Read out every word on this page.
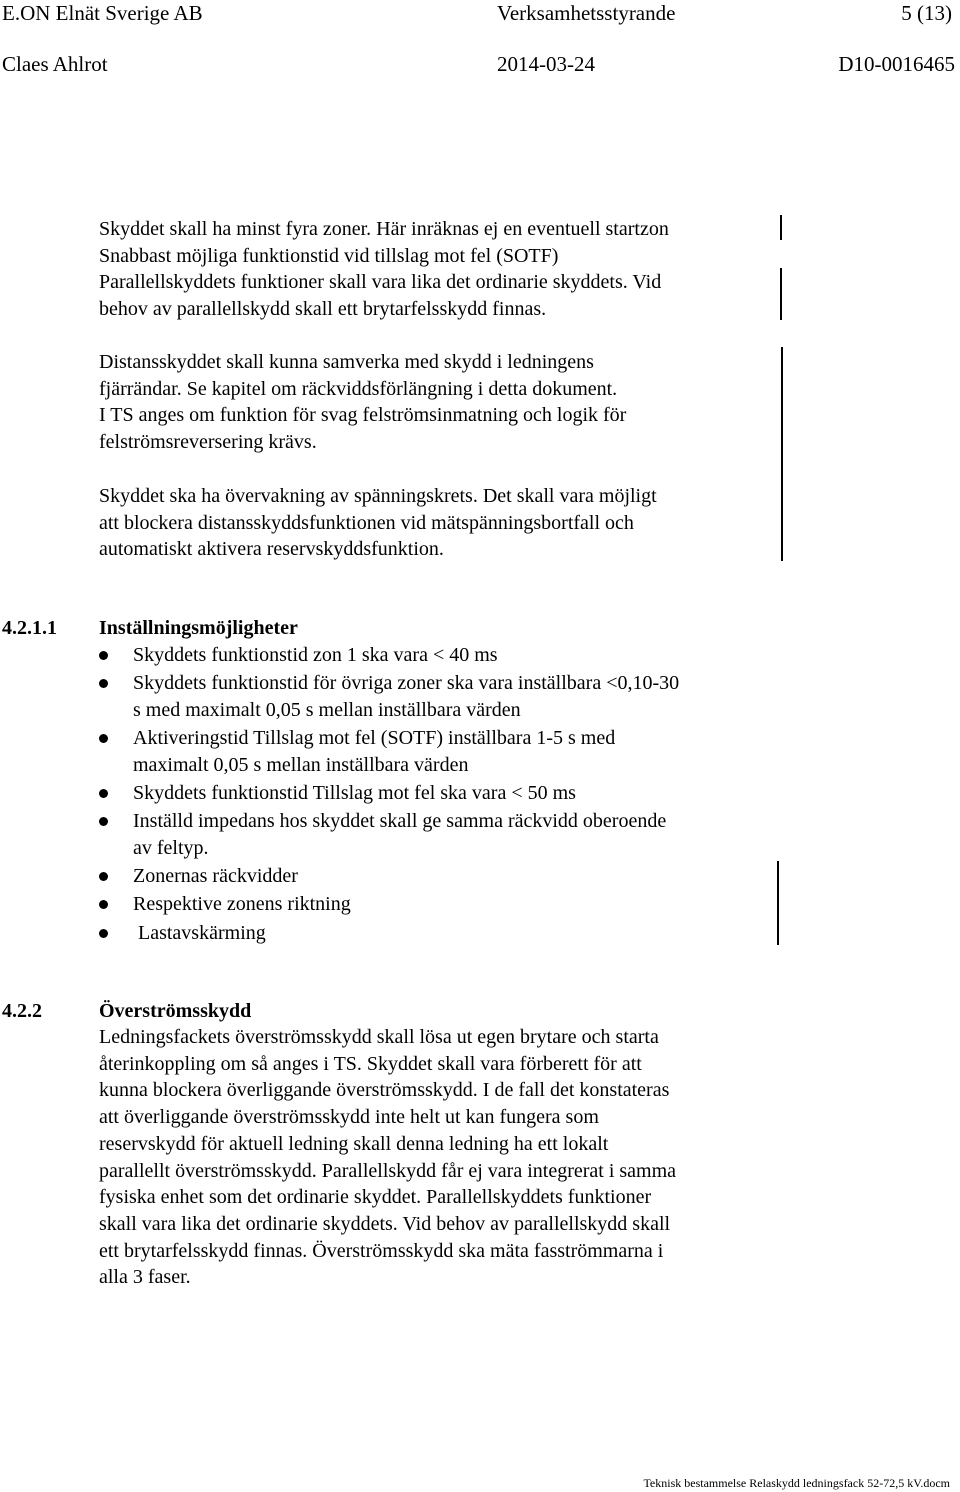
E.ON Elnät Sverige AB	Verksamhetsstyrande	5 (13)
Claes Ahlrot	2014-03-24	D10-0016465
Skyddet skall ha minst fyra zoner. Här inräknas ej en eventuell startzon
Snabbast möjliga funktionstid vid tillslag mot fel (SOTF)
Parallellskyddets funktioner skall vara lika det ordinarie skyddets. Vid
behov av parallellskydd skall ett brytarfelsskydd finnas.
Distansskyddet skall kunna samverka med skydd i ledningens
fjärrändar. Se kapitel om räckviddsförlängning i detta dokument.
I TS anges om funktion för svag felströmsinmatning och logik för
felströmsreversering krävs.
Skyddet ska ha övervakning av spänningskrets. Det skall vara möjligt
att blockera distansskyddsfunktionen vid mätspänningsbortfall och
automatiskt aktivera reservskyddsfunktion.
4.2.1.1 Inställningsmöjligheter
Skyddets funktionstid zon 1 ska vara < 40 ms
Skyddets funktionstid för övriga zoner ska vara inställbara <0,10-30
s med maximalt 0,05 s mellan inställbara värden
Aktiveringstid Tillslag mot fel (SOTF) inställbara 1-5 s med
maximalt 0,05 s mellan inställbara värden
Skyddets funktionstid Tillslag mot fel ska vara < 50 ms
Inställd impedans hos skyddet skall ge samma räckvidd oberoende
av feltyp.
Zonernas räckvidder
Respektive zonens riktning
Lastavskärming
4.2.2	Överströmsskydd
Ledningsfackets överströmsskydd skall lösa ut egen brytare och starta
återinkoppling om så anges i TS. Skyddet skall vara förberett för att
kunna blockera överliggande överströmsskydd. I de fall det konstateras
att överliggande överströmsskydd inte helt ut kan fungera som
reservskydd för aktuell ledning skall denna ledning ha ett lokalt
parallellt överströmsskydd. Parallellskydd får ej vara integrerat i samma
fysiska enhet som det ordinarie skyddet. Parallellskyddets funktioner
skall vara lika det ordinarie skyddets. Vid behov av parallellskydd skall
ett brytarfelsskydd finnas. Överströmsskydd ska mäta fasströmmarna i
alla 3 faser.
Teknisk bestammelse Relaskydd ledningsfack 52-72,5 kV.docm
